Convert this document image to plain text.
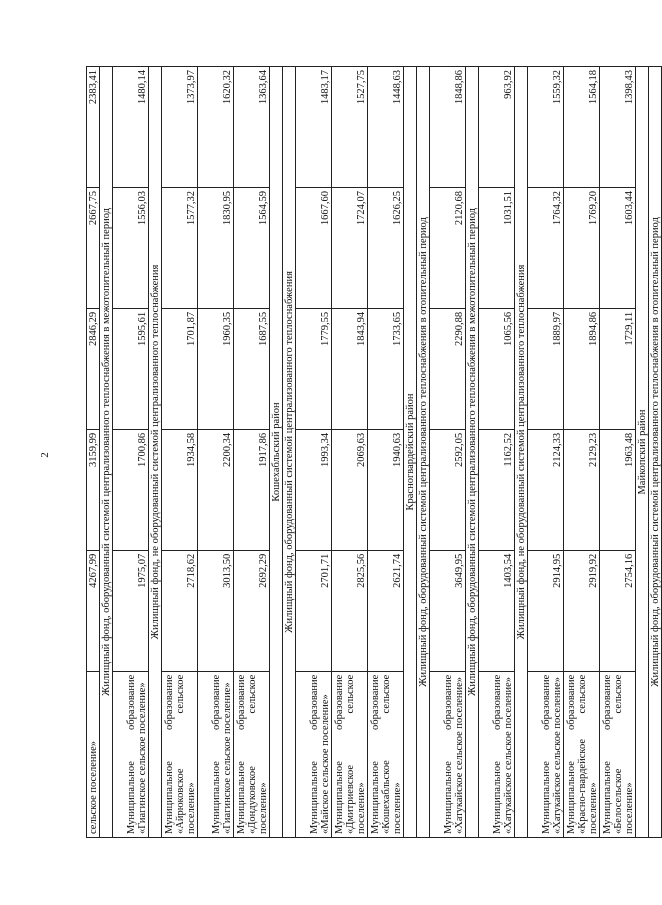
2
сельское поселение»	4267,99	3159,99	2846,29	2667,75	2383,41
Жилищный фонд, оборудованный системой централизованного теплоснабжения в межотопительный период					
Муниципальное образование «Гиагинское сельское поселение»	1975,07	1700,86	1595,61	1556,03	1480,14
Жилищный фонд, не оборудованный системой централизованного теплоснабжения					
Муниципальное образование «Айрюковское сельское поселение»	2718,62	1934,58	1701,87	1577,32	1373,97
Муниципальное образование «Гиагинское сельское поселение»	3013,50	2200,34	1960,35	1830,95	1620,32
Муниципальное образование «Дондуковское сельское поселение»	2692,29	1917,86	1687,55	1564,59	1363,64
Кошехабльский район					
Жилищный фонд, оборудованный системой централизованного теплоснабжения					
Муниципальное образование «Майское сельское поселение»	2701,71	1993,34	1779,55	1667,60	1483,17
Муниципальное образование «Дмитриевское сельское поселение»	2825,56	2069,63	1843,94	1724,07	1527,75
Муниципальное образование «Кошехабльское сельское поселение»	2621,74	1940,63	1733,65	1626,25	1448,63
Красногвардейский район					
Жилищный фонд, оборудованный системой централизованного теплоснабжения в отопительный период					
Муниципальное образование «Хатукайское сельское поселение»	3649,95	2592,05	2290,88	2120,68	1848,86
Жилищный фонд, оборудованный системой централизованного теплоснабжения в межотопительный период					
Муниципальное образование «Хатукайское сельское поселение»	1403,54	1162,52	1065,56	1031,51	963,92
Жилищный фонд, не оборудованный системой централизованного теплоснабжения					
Муниципальное образование «Хатукайское сельское поселение»	2914,95	2124,33	1889,97	1764,32	1559,32
Муниципальное образование «Красно-гвардейское сельское поселение»	2919,92	2129,23	1894,86	1769,20	1564,18
Муниципальное образование «Белосельское сельское поселение»	2754,16	1963,48	1729,11	1603,44	1398,43
Майкопский район					
Жилищный фонд, оборудованный системой централизованного теплоснабжения в отопительный период					
